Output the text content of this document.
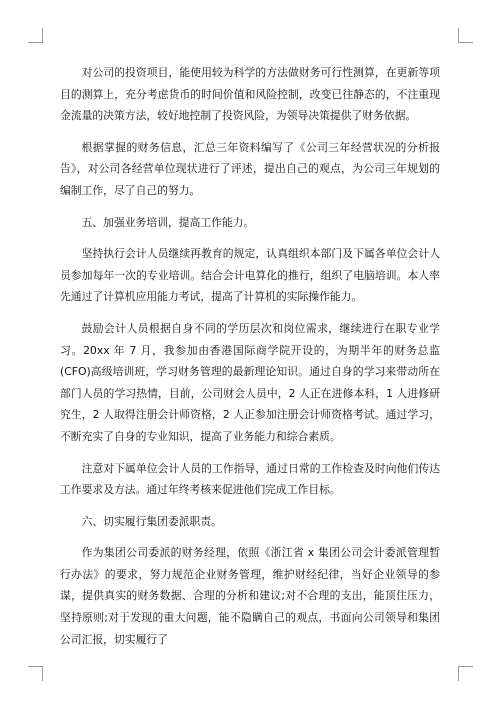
对公司的投资项目，能使用较为科学的方法做财务可行性测算，在更新等项目的测算上，充分考虑货币的时间价值和风险控制，改变已往静态的，不注重现金流量的决策方法，较好地控制了投资风险，为领导决策提供了财务依据。

根据掌握的财务信息，汇总三年资料编写了《公司三年经营状况的分析报告》，对公司各经营单位现状进行了评述，提出自己的观点，为公司三年规划的编制工作，尽了自己的努力。

五、加强业务培训，提高工作能力。

坚持执行会计人员继续再教育的规定，认真组织本部门及下属各单位会计人员参加每年一次的专业培训。结合会计电算化的推行，组织了电脑培训。本人率先通过了计算机应用能力考试，提高了计算机的实际操作能力。

鼓励会计人员根据自身不同的学历层次和岗位需求，继续进行在职专业学习。20xx 年 7 月，我参加由香港国际商学院开设的，为期半年的财务总监(CFO)高级培训班，学习财务管理的最新理论知识。通过自身的学习来带动所在部门人员的学习热情，目前，公司财会人员中，2 人正在进修本科，1 人进修研究生，2 人取得注册会计师资格，2 人正参加注册会计师资格考试。通过学习，不断充实了自身的专业知识，提高了业务能力和综合素质。

注意对下属单位会计人员的工作指导，通过日常的工作检查及时向他们传达工作要求及方法。通过年终考核来促进他们完成工作目标。

六、切实履行集团委派职责。

作为集团公司委派的财务经理，依照《浙江省 x 集团公司会计委派管理暂行办法》的要求，努力规范企业财务管理，维护财经纪律，当好企业领导的参谋，提供真实的财务数据、合理的分析和建议;对不合理的支出，能顶住压力，坚持原则;对于发现的重大问题，能不隐瞒自己的观点，书面向公司领导和集团公司汇报，切实履行了
